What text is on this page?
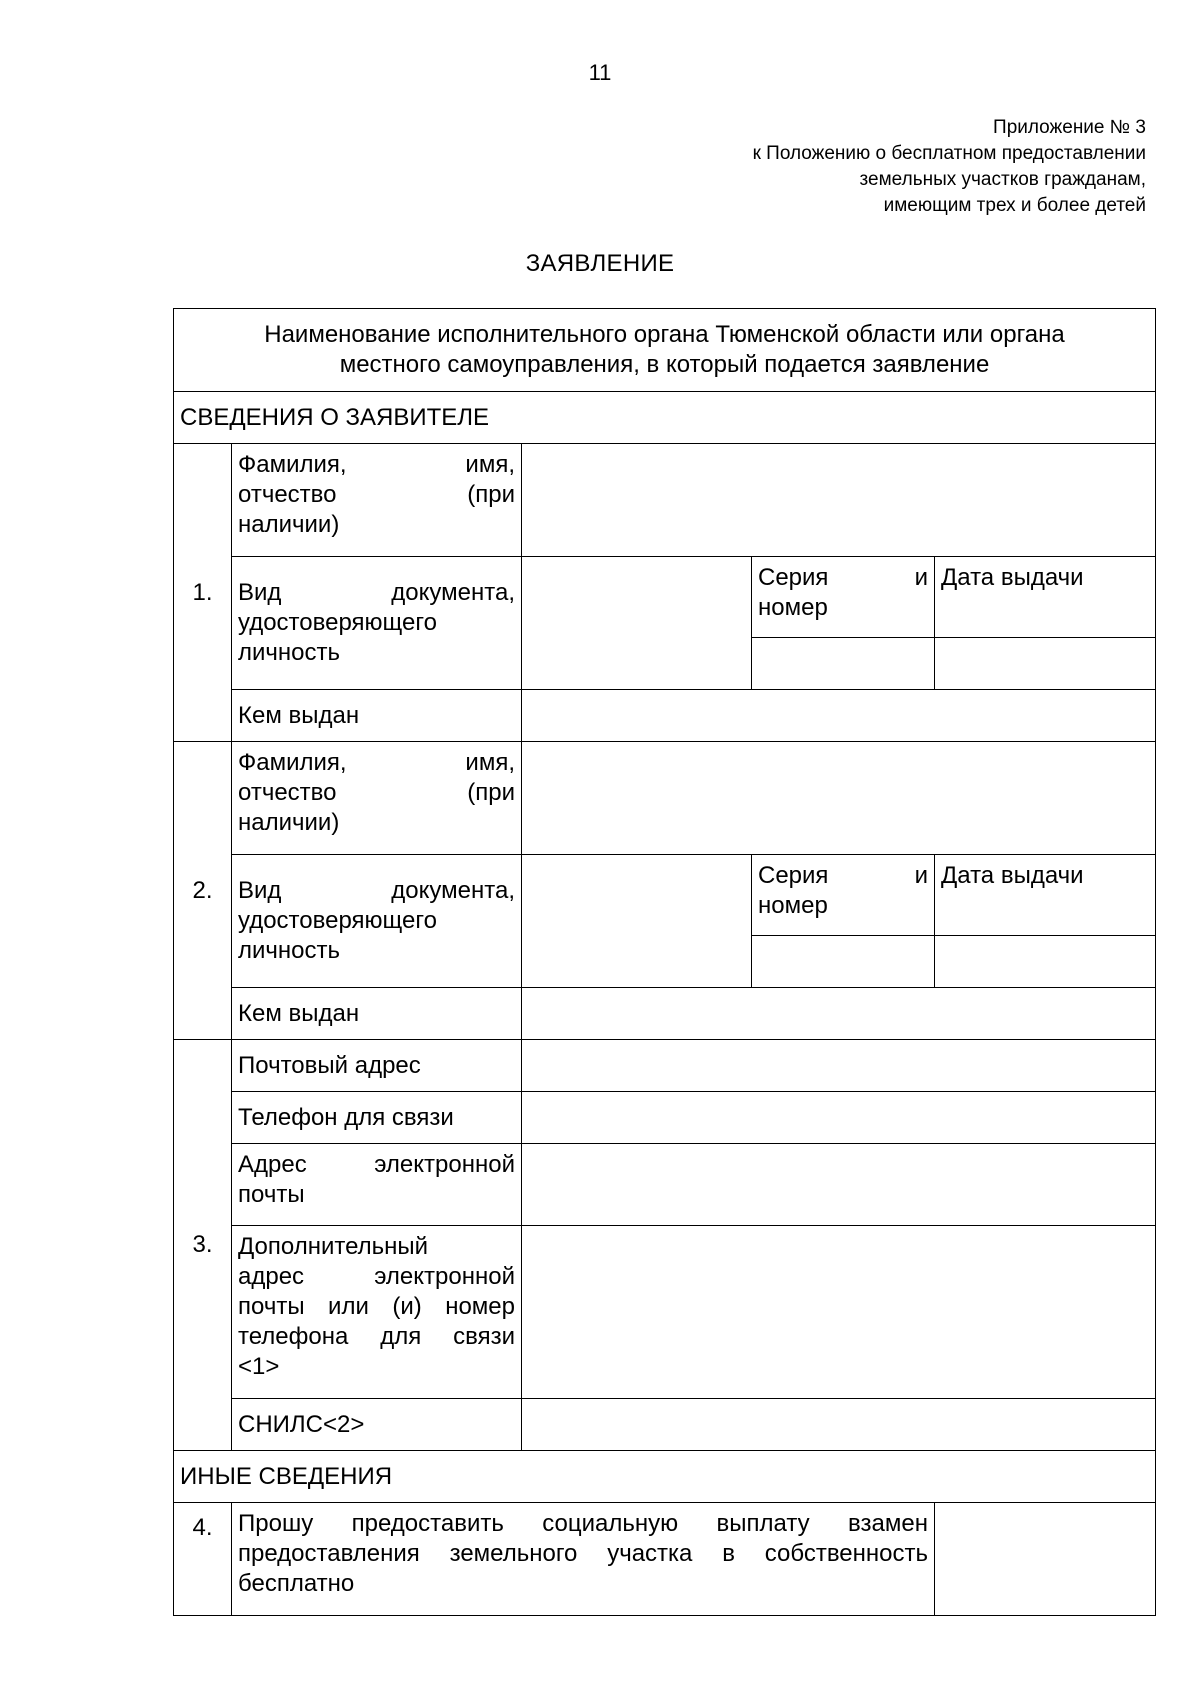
11
Приложение № 3
к Положению о бесплатном предоставлении
земельных участков гражданам,
имеющим трех и более детей
ЗАЯВЛЕНИЕ
Наименование исполнительного органа Тюменской области или органа
местного самоуправления, в который подается заявление				

СВЕДЕНИЯ О ЗАЯВИТЕЛЕ				
1.	Фамилия, имя,
отчество (при
наличии)			

	Вид документа,
удостоверяющего
личность		Серия и
номер	Дата выдачи

	Кем выдан			
2.	Фамилия, имя,
отчество (при
наличии)			

	Вид документа,
удостоверяющего
личность		Серия и
номер	Дата выдачи

	Кем выдан			
3.	Почтовый адрес			
	Телефон для связи			

	Адрес электронной
почты			

	Дополнительный
адрес электронной
почты или (и) номер
телефона для связи
<1>			

	СНИЛС<2>			
ИНЫЕ СВЕДЕНИЯ				
4.	Прошу предоставить социальную выплату взамен
предоставления земельного участка в собственность
бесплатно			
